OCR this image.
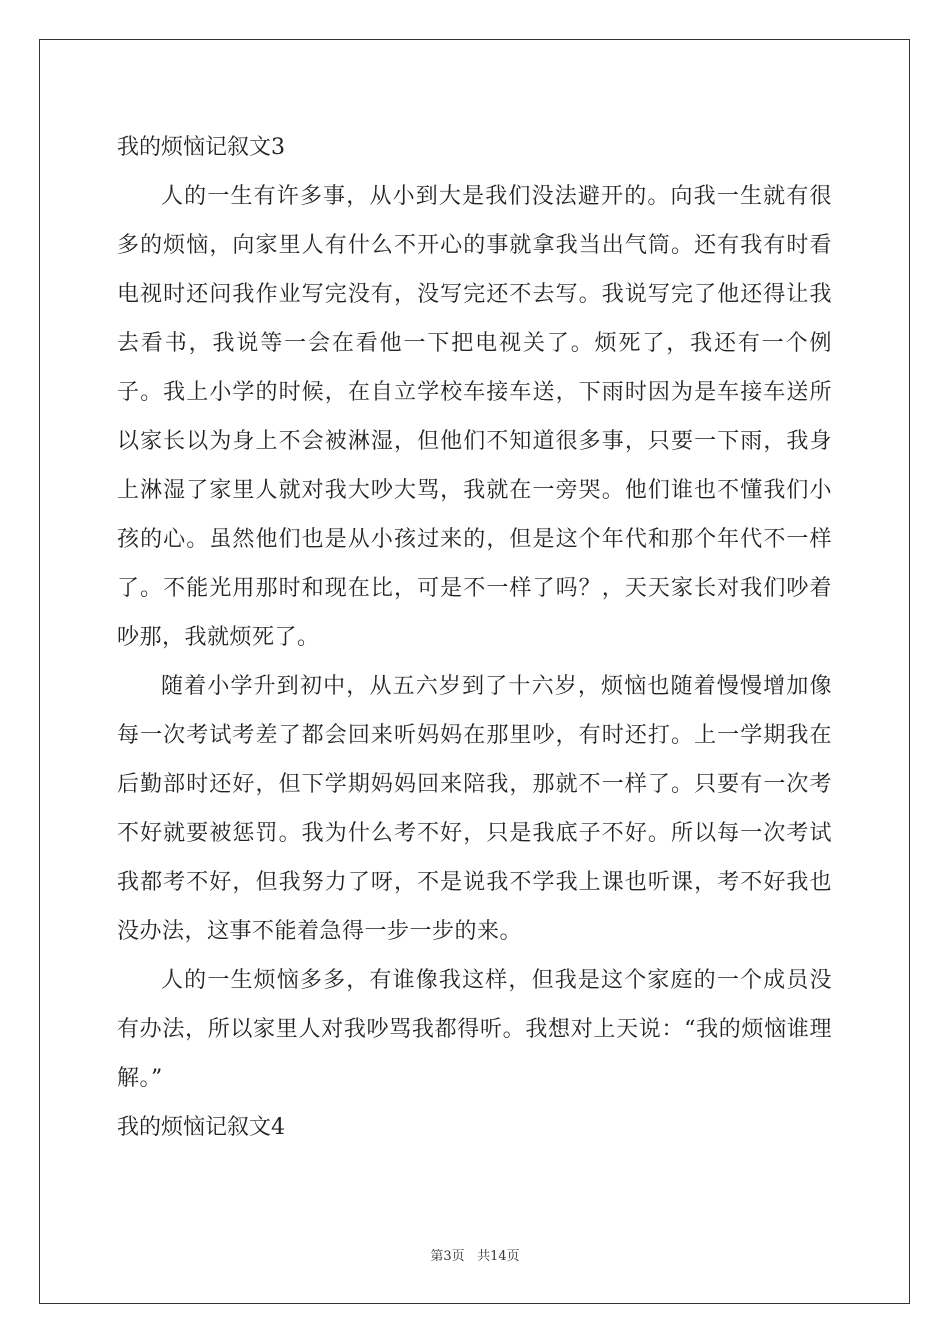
我的烦恼记叙文3

人的一生有许多事，从小到大是我们没法避开的。向我一生就有很多的烦恼，向家里人有什么不开心的事就拿我当出气筒。还有我有时看电视时还问我作业写完没有，没写完还不去写。我说写完了他还得让我去看书，我说等一会在看他一下把电视关了。烦死了，我还有一个例子。我上小学的时候，在自立学校车接车送，下雨时因为是车接车送所以家长以为身上不会被淋湿，但他们不知道很多事，只要一下雨，我身上淋湿了家里人就对我大吵大骂，我就在一旁哭。他们谁也不懂我们小孩的心。虽然他们也是从小孩过来的，但是这个年代和那个年代不一样了。不能光用那时和现在比，可是不一样了吗？，天天家长对我们吵着吵那，我就烦死了。

随着小学升到初中，从五六岁到了十六岁，烦恼也随着慢慢增加像每一次考试考差了都会回来听妈妈在那里吵，有时还打。上一学期我在后勤部时还好，但下学期妈妈回来陪我，那就不一样了。只要有一次考不好就要被惩罚。我为什么考不好，只是我底子不好。所以每一次考试我都考不好，但我努力了呀，不是说我不学我上课也听课，考不好我也没办法，这事不能着急得一步一步的来。

人的一生烦恼多多，有谁像我这样，但我是这个家庭的一个成员没有办法，所以家里人对我吵骂我都得听。我想对上天说：“我的烦恼谁理解。”

我的烦恼记叙文4
第3页 共14页
